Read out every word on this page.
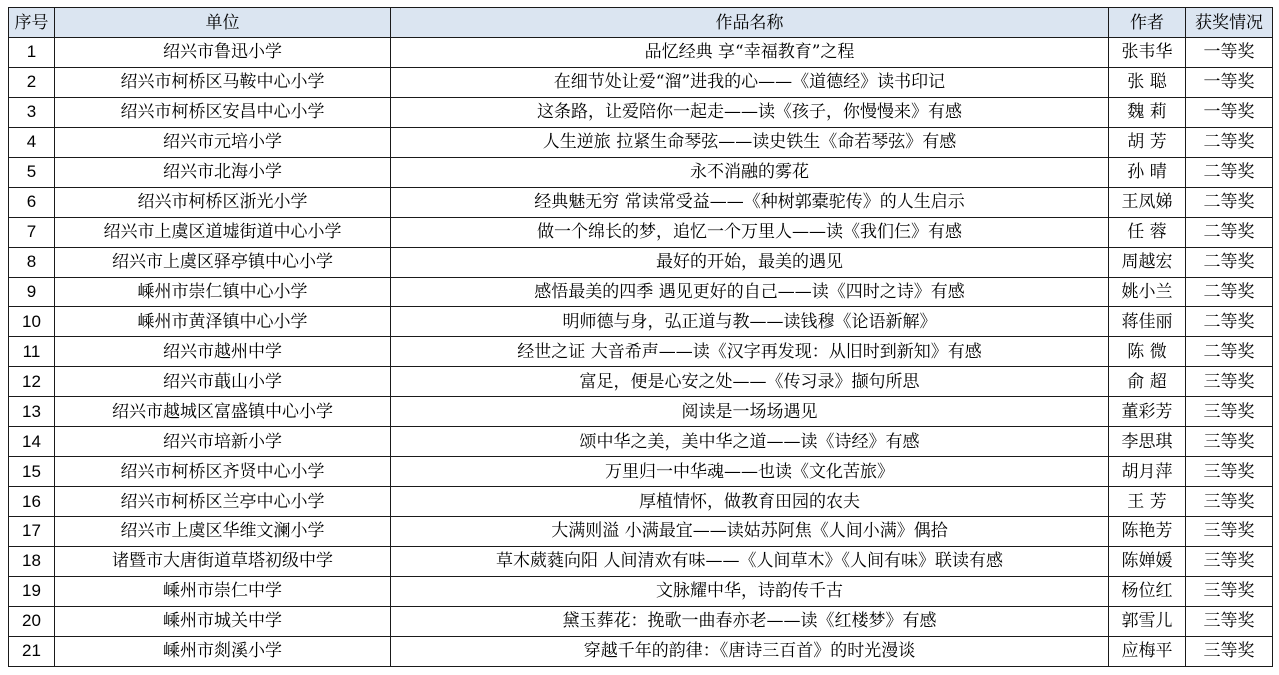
序号	单位	作品名称	作者	获奖情况
1	绍兴市鲁迅小学	品忆经典 享“幸福教育”之程	张韦华	一等奖
2	绍兴市柯桥区马鞍中心小学	在细节处让爱“溜”进我的心——《道德经》读书印记	张 聪	一等奖
3	绍兴市柯桥区安昌中心小学	这条路，让爱陪你一起走——读《孩子，你慢慢来》有感	魏 莉	一等奖
4	绍兴市元培小学	人生逆旅 拉紧生命琴弦——读史铁生《命若琴弦》有感	胡 芳	二等奖
5	绍兴市北海小学	永不消融的雾花	孙 晴	二等奖
6	绍兴市柯桥区浙光小学	经典魅无穷 常读常受益——《种树郭橐驼传》的人生启示	王凤娣	二等奖
7	绍兴市上虞区道墟街道中心小学	做一个绵长的梦，追忆一个万里人——读《我们仨》有感	任 蓉	二等奖
8	绍兴市上虞区驿亭镇中心小学	最好的开始，最美的遇见	周越宏	二等奖
9	嵊州市崇仁镇中心小学	感悟最美的四季 遇见更好的自己——读《四时之诗》有感	姚小兰	二等奖
10	嵊州市黄泽镇中心小学	明师德与身，弘正道与教——读钱穆《论语新解》	蒋佳丽	二等奖
11	绍兴市越州中学	经世之证 大音希声——读《汉字再发现：从旧时到新知》有感	陈 微	二等奖
12	绍兴市蕺山小学	富足，便是心安之处——《传习录》撷句所思	俞 超	三等奖
13	绍兴市越城区富盛镇中心小学	阅读是一场场遇见	董彩芳	三等奖
14	绍兴市培新小学	颂中华之美，美中华之道——读《诗经》有感	李思琪	三等奖
15	绍兴市柯桥区齐贤中心小学	万里归一中华魂——也读《文化苦旅》	胡月萍	三等奖
16	绍兴市柯桥区兰亭中心小学	厚植情怀，做教育田园的农夫	王 芳	三等奖
17	绍兴市上虞区华维文澜小学	大满则溢 小满最宜——读姑苏阿焦《人间小满》偶拾	陈艳芳	三等奖
18	诸暨市大唐街道草塔初级中学	草木葳蕤向阳 人间清欢有味——《人间草木》《人间有味》联读有感	陈婵媛	三等奖
19	嵊州市崇仁中学	文脉耀中华，诗韵传千古	杨位红	三等奖
20	嵊州市城关中学	黛玉葬花：挽歌一曲春亦老——读《红楼梦》有感	郭雪儿	三等奖
21	嵊州市剡溪小学	穿越千年的韵律：《唐诗三百首》的时光漫谈	应梅平	三等奖
